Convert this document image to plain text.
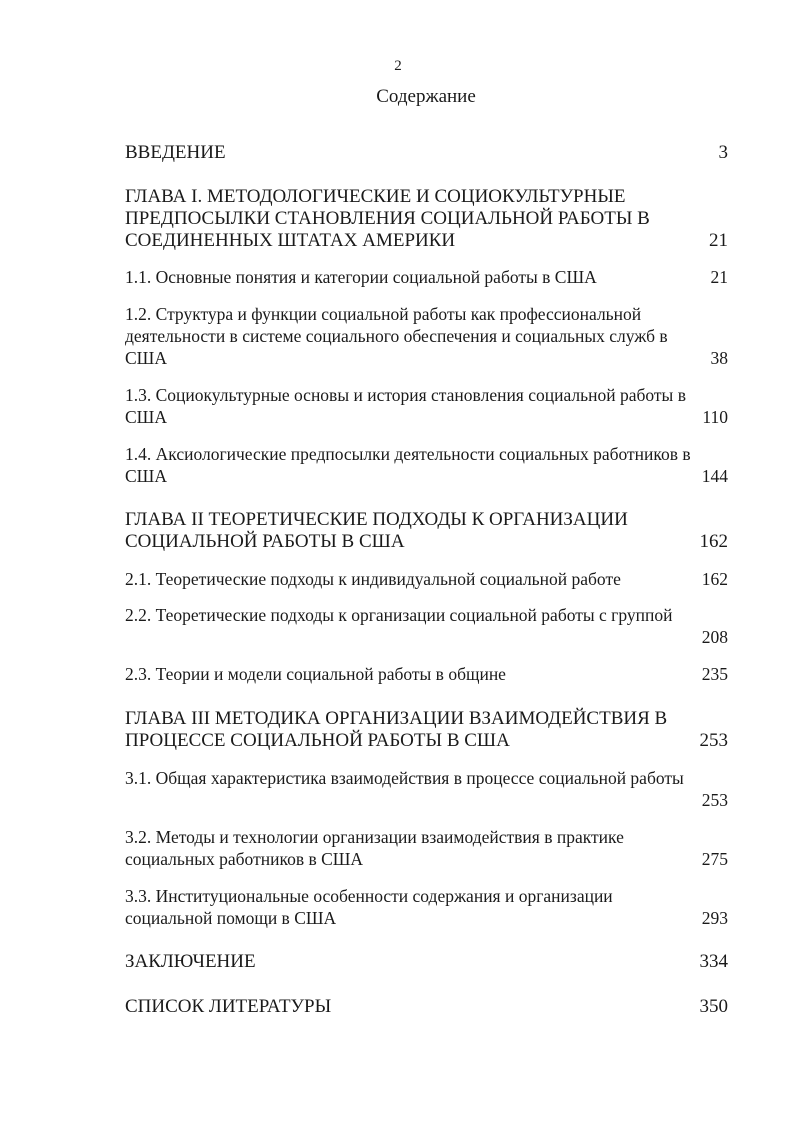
2
Содержание
ВВЕДЕНИЕ	3
ГЛАВА I. МЕТОДОЛОГИЧЕСКИЕ И СОЦИОКУЛЬТУРНЫЕ
ПРЕДПОСЫЛКИ СТАНОВЛЕНИЯ СОЦИАЛЬНОЙ РАБОТЫ В
СОЕДИНЕННЫХ ШТАТАХ АМЕРИКИ	21
1.1. Основные понятия и категории социальной работы в США	21
1.2. Структура и функции социальной работы как профессиональной
деятельности в системе социального обеспечения и социальных служб в
США	38
1.3. Социокультурные основы и история становления социальной работы в
США	110
1.4. Аксиологические предпосылки деятельности социальных работников в
США	144
ГЛАВА II ТЕОРЕТИЧЕСКИЕ ПОДХОДЫ К ОРГАНИЗАЦИИ
СОЦИАЛЬНОЙ РАБОТЫ В США	162
2.1. Теоретические подходы к индивидуальной социальной работе	162
2.2. Теоретические подходы к организации социальной работы с группой
208
2.3. Теории и модели социальной работы в общине	235
ГЛАВА III МЕТОДИКА ОРГАНИЗАЦИИ ВЗАИМОДЕЙСТВИЯ В
ПРОЦЕССЕ СОЦИАЛЬНОЙ РАБОТЫ В США	253
3.1. Общая характеристика взаимодействия в процессе социальной работы
253
3.2. Методы и технологии организации взаимодействия в практике
социальных работников в США	275
3.3. Институциональные особенности содержания и организации
социальной помощи в США	293
ЗАКЛЮЧЕНИЕ	334
СПИСОК ЛИТЕРАТУРЫ	350
